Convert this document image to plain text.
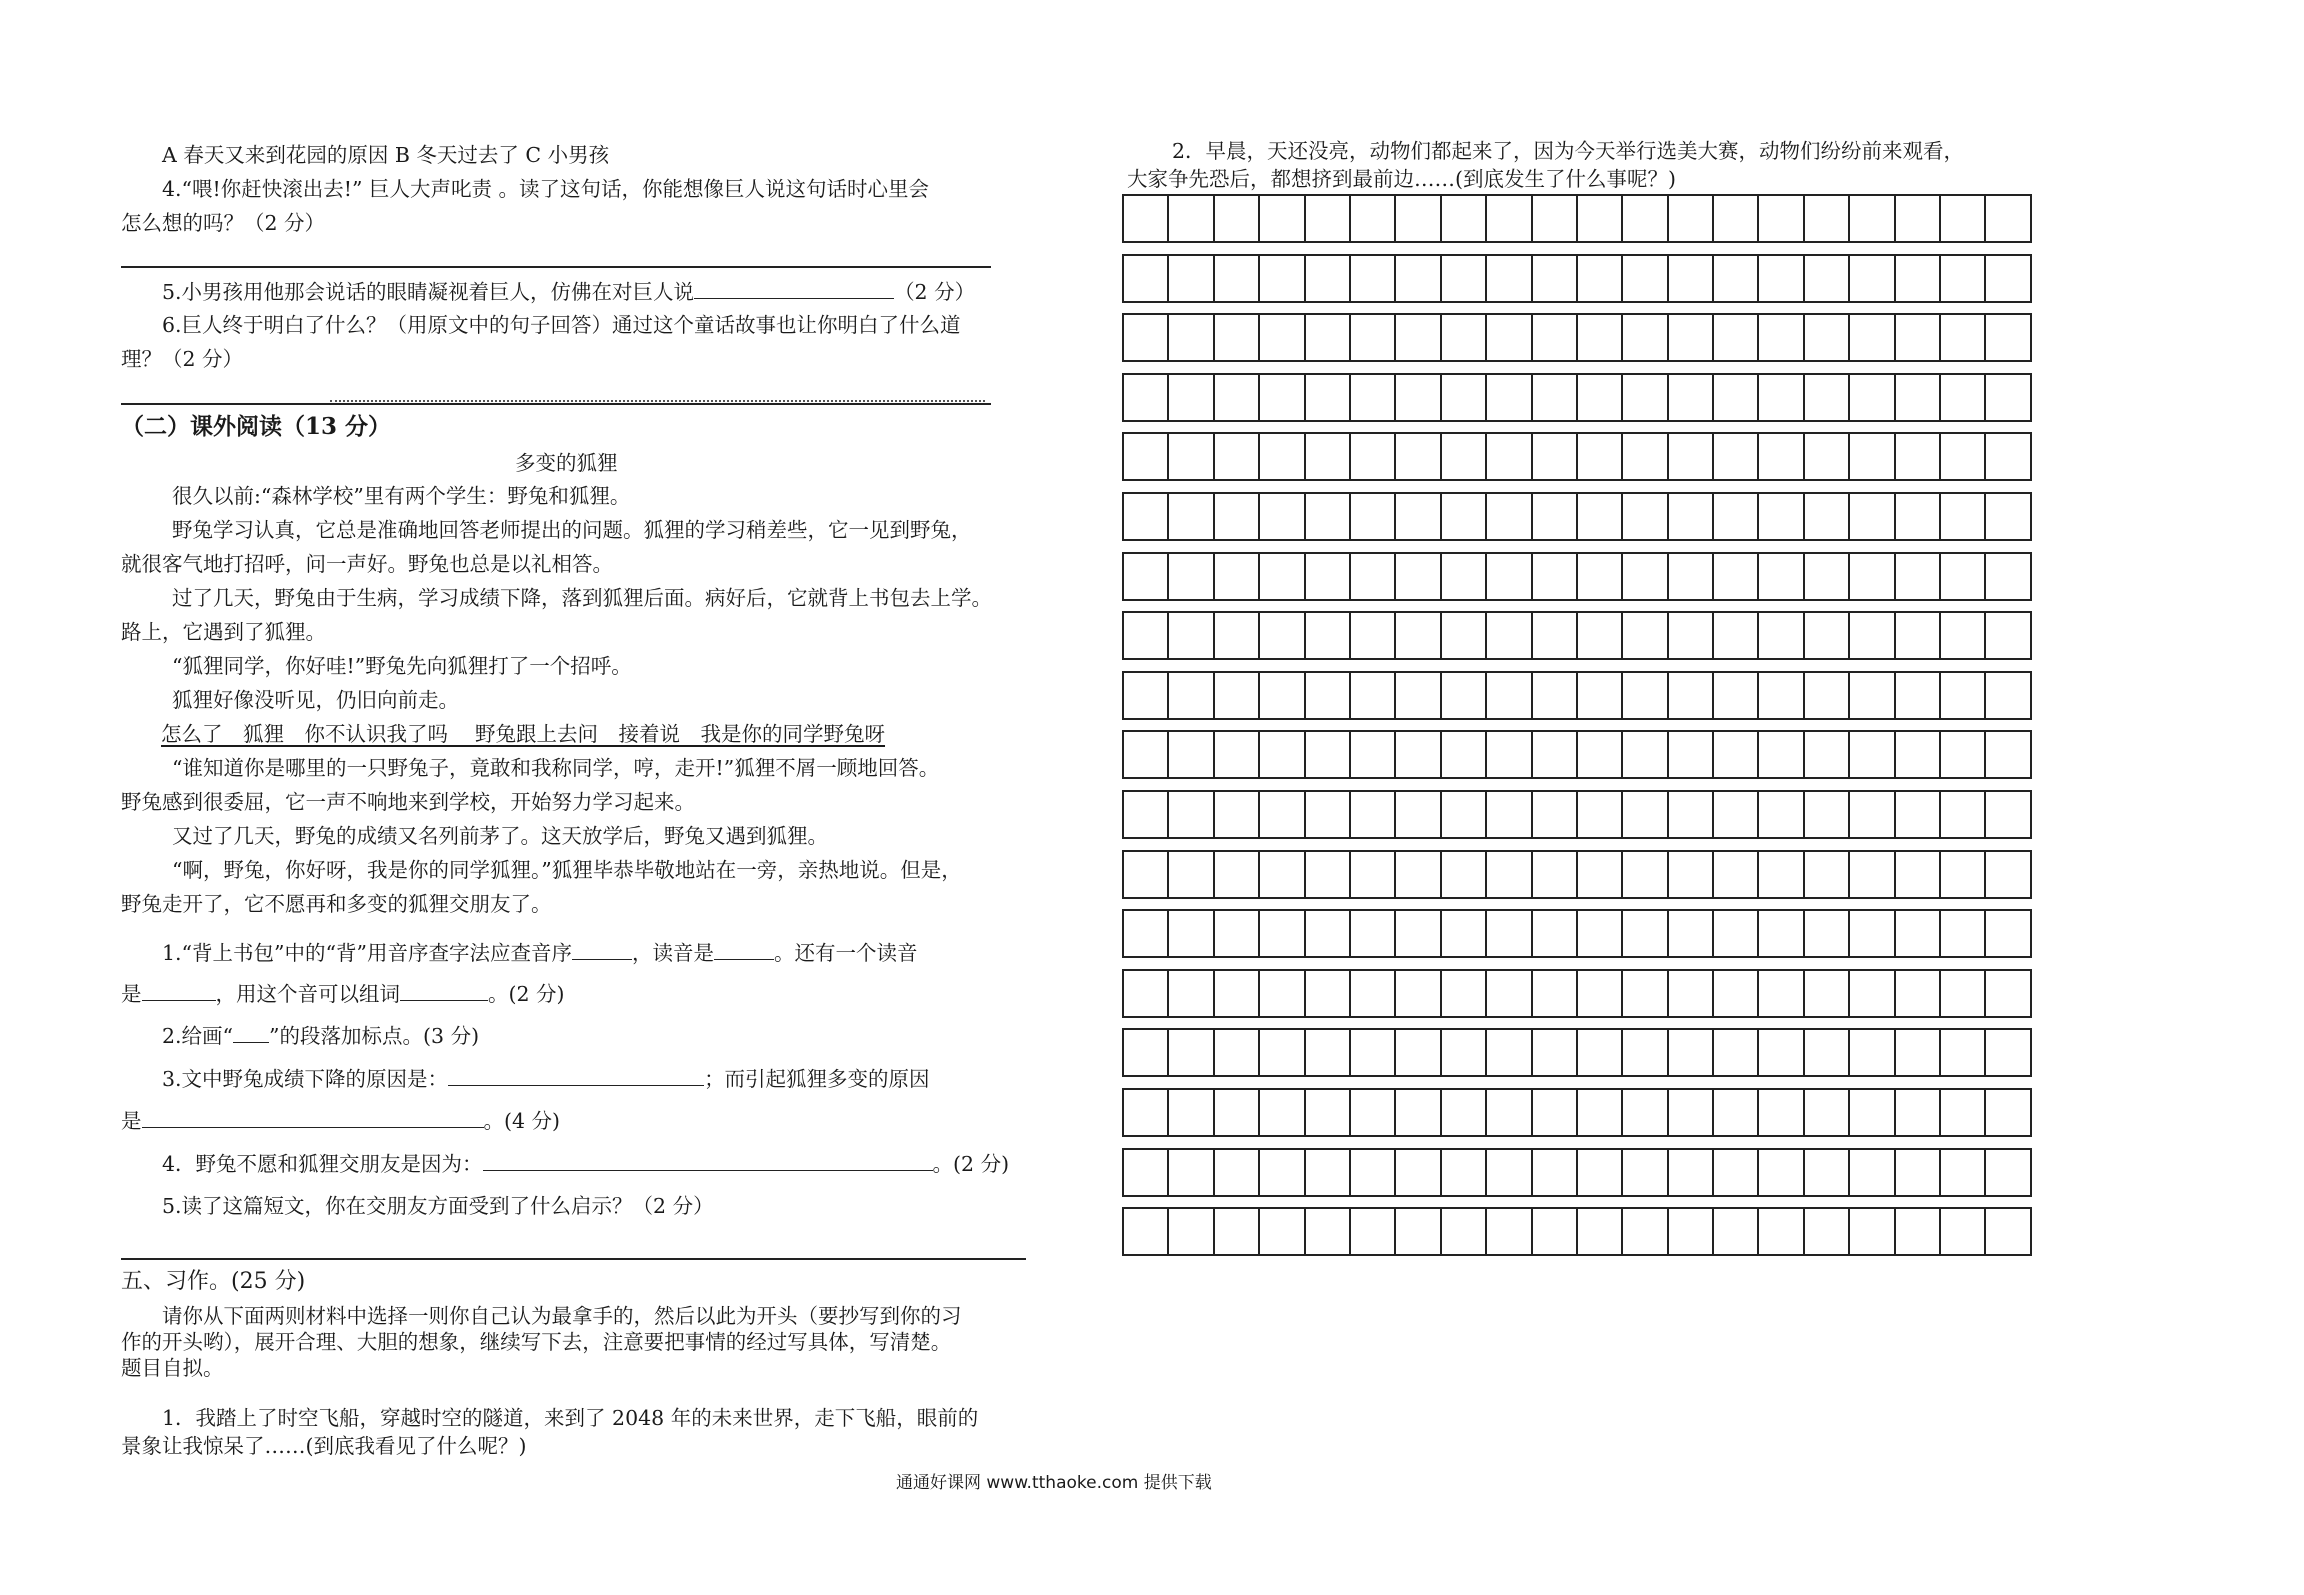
A 春天又来到花园的原因 B 冬天过去了 C 小男孩
4.“喂!你赶快滚出去!” 巨人大声叱责 。读了这句话，你能想像巨人说这句话时心里会
怎么想的吗？（2 分）
5.小男孩用他那会说话的眼睛凝视着巨人，仿佛在对巨人说	（2 分）
6.巨人终于明白了什么？（用原文中的句子回答）通过这个童话故事也让你明白了什么道
理？（2 分）
（二）课外阅读（13 分）
多变的狐狸
很久以前:“森林学校”里有两个学生：野兔和狐狸。
野兔学习认真，它总是准确地回答老师提出的问题。狐狸的学习稍差些，它一见到野兔，
就很客气地打招呼，问一声好。野兔也总是以礼相答。
过了几天，野兔由于生病，学习成绩下降，落到狐狸后面。病好后，它就背上书包去上学。
路上，它遇到了狐狸。
“狐狸同学，你好哇!”野兔先向狐狸打了一个招呼。
狐狸好像没听见，仍旧向前走。
怎么了　狐狸　你不认识我了吗　 野兔跟上去问　接着说　我是你的同学野兔呀
“谁知道你是哪里的一只野兔子，竟敢和我称同学，哼，走开!”狐狸不屑一顾地回答。
野兔感到很委屈，它一声不响地来到学校，开始努力学习起来。
又过了几天，野兔的成绩又名列前茅了。这天放学后，野兔又遇到狐狸。
“啊，野兔，你好呀，我是你的同学狐狸。”狐狸毕恭毕敬地站在一旁，亲热地说。但是，
野兔走开了，它不愿再和多变的狐狸交朋友了。
1.“背上书包”中的“背”用音序查字法应查音序	，读音是	。还有一个读音
是	，用这个音可以组词	。(2 分)
2.给画“ ”的段落加标点。(3 分)
3.文中野兔成绩下降的原因是：	；而引起狐狸多变的原因
是	。(4 分)
4．野兔不愿和狐狸交朋友是因为：	。(2 分)
5.读了这篇短文，你在交朋友方面受到了什么启示？（2 分）
五、习作。(25 分)
请你从下面两则材料中选择一则你自己认为最拿手的，然后以此为开头（要抄写到你的习
作的开头哟），展开合理、大胆的想象，继续写下去，注意要把事情的经过写具体，写清楚。
题目自拟。
1．我踏上了时空飞船，穿越时空的隧道，来到了 2048 年的未来世界，走下飞船，眼前的
景象让我惊呆了……(到底我看见了什么呢？)
2．早晨，天还没亮，动物们都起来了，因为今天举行选美大赛，动物们纷纷前来观看，
大家争先恐后，都想挤到最前边……(到底发生了什么事呢？)
通通好课网 www.tthaoke.com 提供下载
